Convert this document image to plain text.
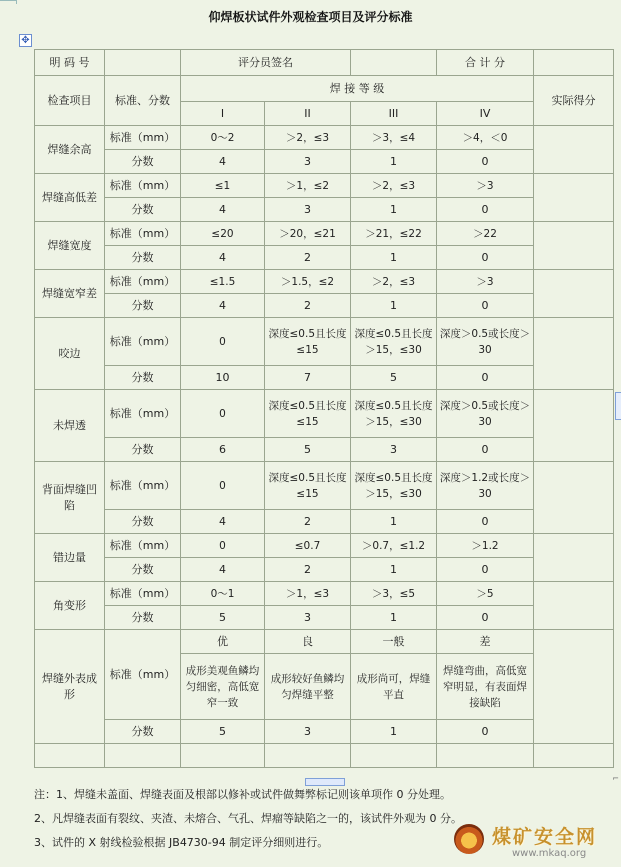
仰焊板状试件外观检查项目及评分标准
✥
⌐
明 码 号		评分员签名			合 计 分	
检查项目	标准、分数	焊 接 等 级				实际得分
		I	II	III	IV	
焊缝余高	标准（mm）	0～2	＞2，≤3	＞3，≤4	＞4，＜0	
	分数	4	3	1	0	
焊缝高低差	标准（mm）	≤1	＞1，≤2	＞2，≤3	＞3	
	分数	4	3	1	0	
焊缝宽度	标准（mm）	≤20	＞20，≤21	＞21，≤22	＞22	
	分数	4	2	1	0	
焊缝宽窄差	标准（mm）	≤1.5	＞1.5，≤2	＞2，≤3	＞3	
	分数	4	2	1	0	
咬边	标准（mm）	0	深度≤0.5且长度≤15	深度≤0.5且长度＞15，≤30	深度＞0.5或长度＞30	
	分数	10	7	5	0	
未焊透	标准（mm）	0	深度≤0.5且长度≤15	深度≤0.5且长度＞15，≤30	深度＞0.5或长度＞30	
	分数	6	5	3	0	
背面焊缝凹陷	标准（mm）	0	深度≤0.5且长度≤15	深度≤0.5且长度＞15，≤30	深度＞1.2或长度＞30	
	分数	4	2	1	0	
错边量	标准（mm）	0	≤0.7	＞0.7，≤1.2	＞1.2	
	分数	4	2	1	0	
角变形	标准（mm）	0～1	＞1，≤3	＞3，≤5	＞5	
	分数	5	3	1	0	
焊缝外表成形	标准（mm）	优	良	一般	差	
		成形美观鱼鳞均匀细密，高低宽窄一致	成形较好鱼鳞均匀焊缝平整	成形尚可，焊缝平直	焊缝弯曲，高低宽窄明显，有表面焊接缺陷	
	分数	5	3	1	0	

注：1、焊缝未盖面、焊缝表面及根部以修补或试件做舞弊标记则该单项作 0 分处理。
2、凡焊缝表面有裂纹、夹渣、未熔合、气孔、焊瘤等缺陷之一的，该试件外观为 0 分。
3、试件的 X 射线检验根据 JB4730-94 制定评分细则进行。	煤矿安全网
www.mkaq.org
